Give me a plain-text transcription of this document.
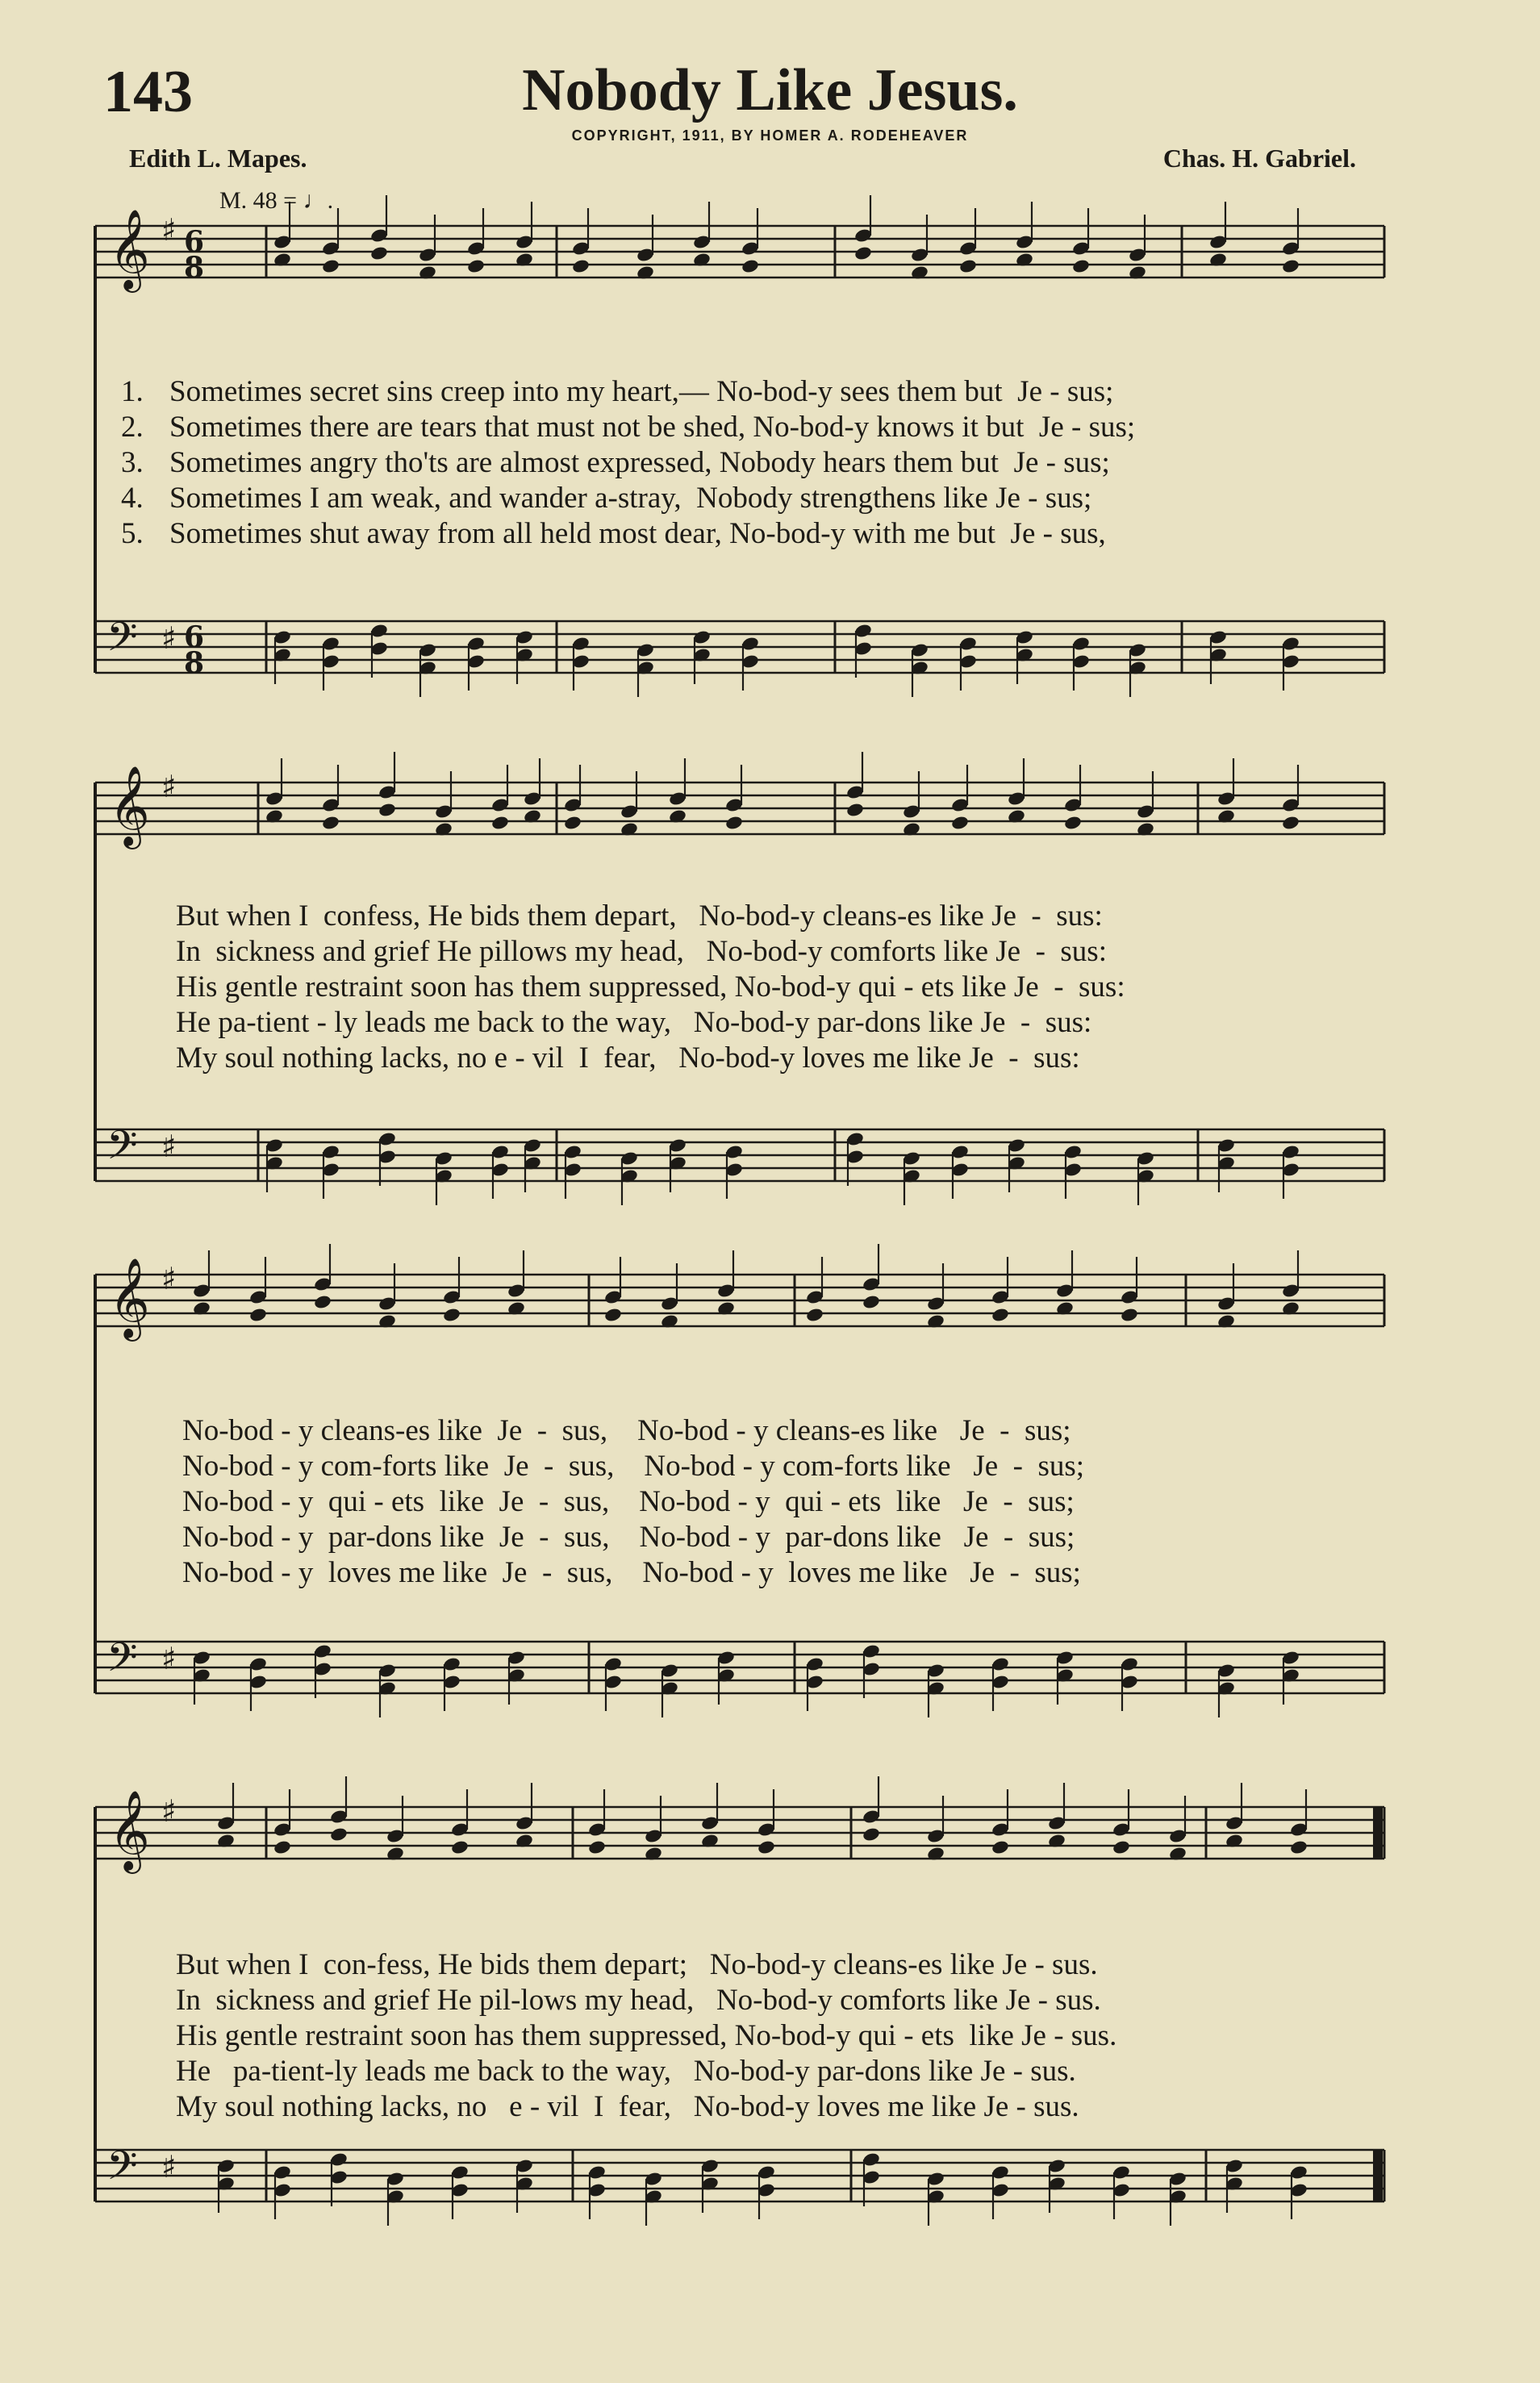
143	Nobody Like Jesus.
COPYRIGHT, 1911, BY HOMER A. RODEHEAVER
Edith L. Mapes.	Chas. H. Gabriel.
M. 48 = ♩.
𝄞
𝄢
♯
♯
𝄞
𝄢
♯
♯
𝄞
𝄢
♯
♯
𝄞
𝄢
♯
♯
6
6
8
8
1.
2.
3.
4.
5.
Sometimes secret sins creep into my heart,— No-bod-y sees them but  Je - sus;
Sometimes there are tears that must not be shed, No-bod-y knows it but  Je - sus;
Sometimes angry tho'ts are almost expressed, Nobody hears them but  Je - sus;
Sometimes I am weak, and wander a-stray,  Nobody strengthens like Je - sus;
Sometimes shut away from all held most dear, No-bod-y with me but  Je - sus,
But when I  confess, He bids them depart,   No-bod-y cleans-es like Je  -  sus:
In  sickness and grief He pillows my head,   No-bod-y comforts like Je  -  sus:
His gentle restraint soon has them suppressed, No-bod-y qui - ets like Je  -  sus:
He pa-tient - ly leads me back to the way,   No-bod-y par-dons like Je  -  sus:
My soul nothing lacks, no e - vil  I  fear,   No-bod-y loves me like Je  -  sus:
No-bod - y cleans-es like  Je  -  sus,    No-bod - y cleans-es like   Je  -  sus;
No-bod - y com-forts like  Je  -  sus,    No-bod - y com-forts like   Je  -  sus;
No-bod - y  qui - ets  like  Je  -  sus,    No-bod - y  qui - ets  like   Je  -  sus;
No-bod - y  par-dons like  Je  -  sus,    No-bod - y  par-dons like   Je  -  sus;
No-bod - y  loves me like  Je  -  sus,    No-bod - y  loves me like   Je  -  sus;
But when I  con-fess, He bids them depart;   No-bod-y cleans-es like Je - sus.
In  sickness and grief He pil-lows my head,   No-bod-y comforts like Je - sus.
His gentle restraint soon has them suppressed, No-bod-y qui - ets  like Je - sus.
He   pa-tient-ly leads me back to the way,   No-bod-y par-dons like Je - sus.
My soul nothing lacks, no   e - vil  I  fear,   No-bod-y loves me like Je - sus.
